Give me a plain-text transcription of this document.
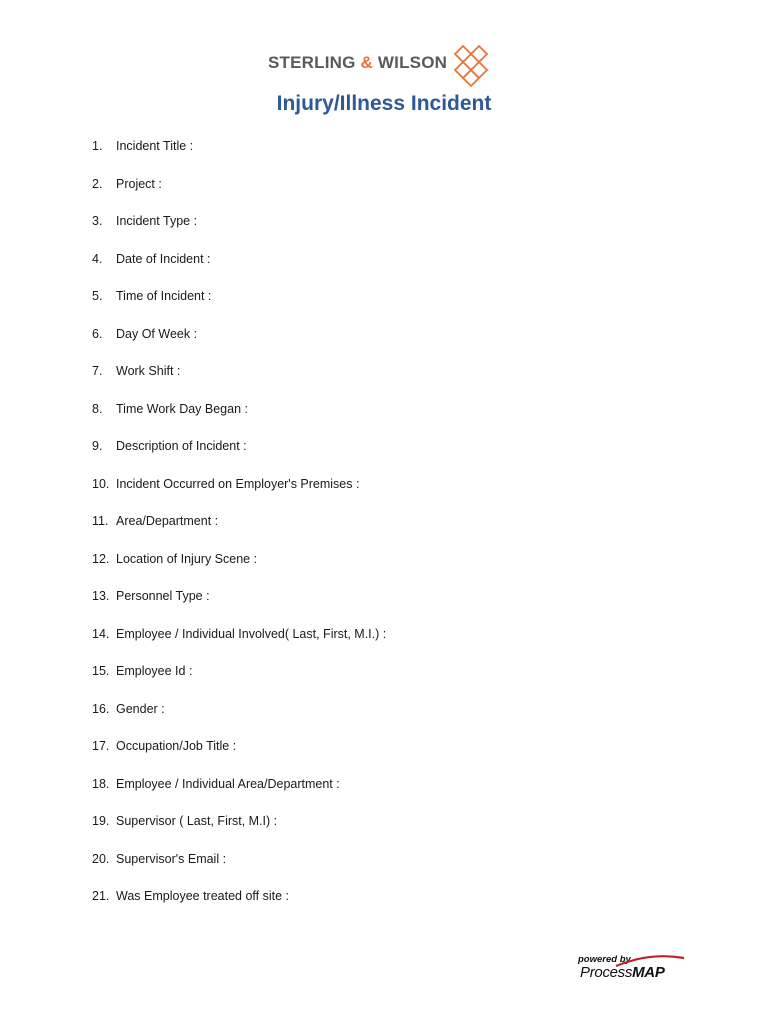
STERLING & WILSON
Injury/Illness Incident
1.	Incident Title :
2.	Project :
3.	Incident Type :
4.	Date of Incident :
5.	Time of Incident :
6.	Day Of Week :
7.	Work Shift :
8.	Time Work Day Began :
9.	Description of Incident :
10. Incident Occurred on Employer's Premises :
11. Area/Department :
12. Location of Injury Scene :
13. Personnel Type :
14. Employee / Individual Involved( Last, First, M.I.) :
15. Employee Id :
16. Gender :
17. Occupation/Job Title :
18. Employee / Individual Area/Department :
19. Supervisor ( Last, First, M.I) :
20. Supervisor's Email :
21. Was Employee treated off site :
powered by
ProcessMAP
